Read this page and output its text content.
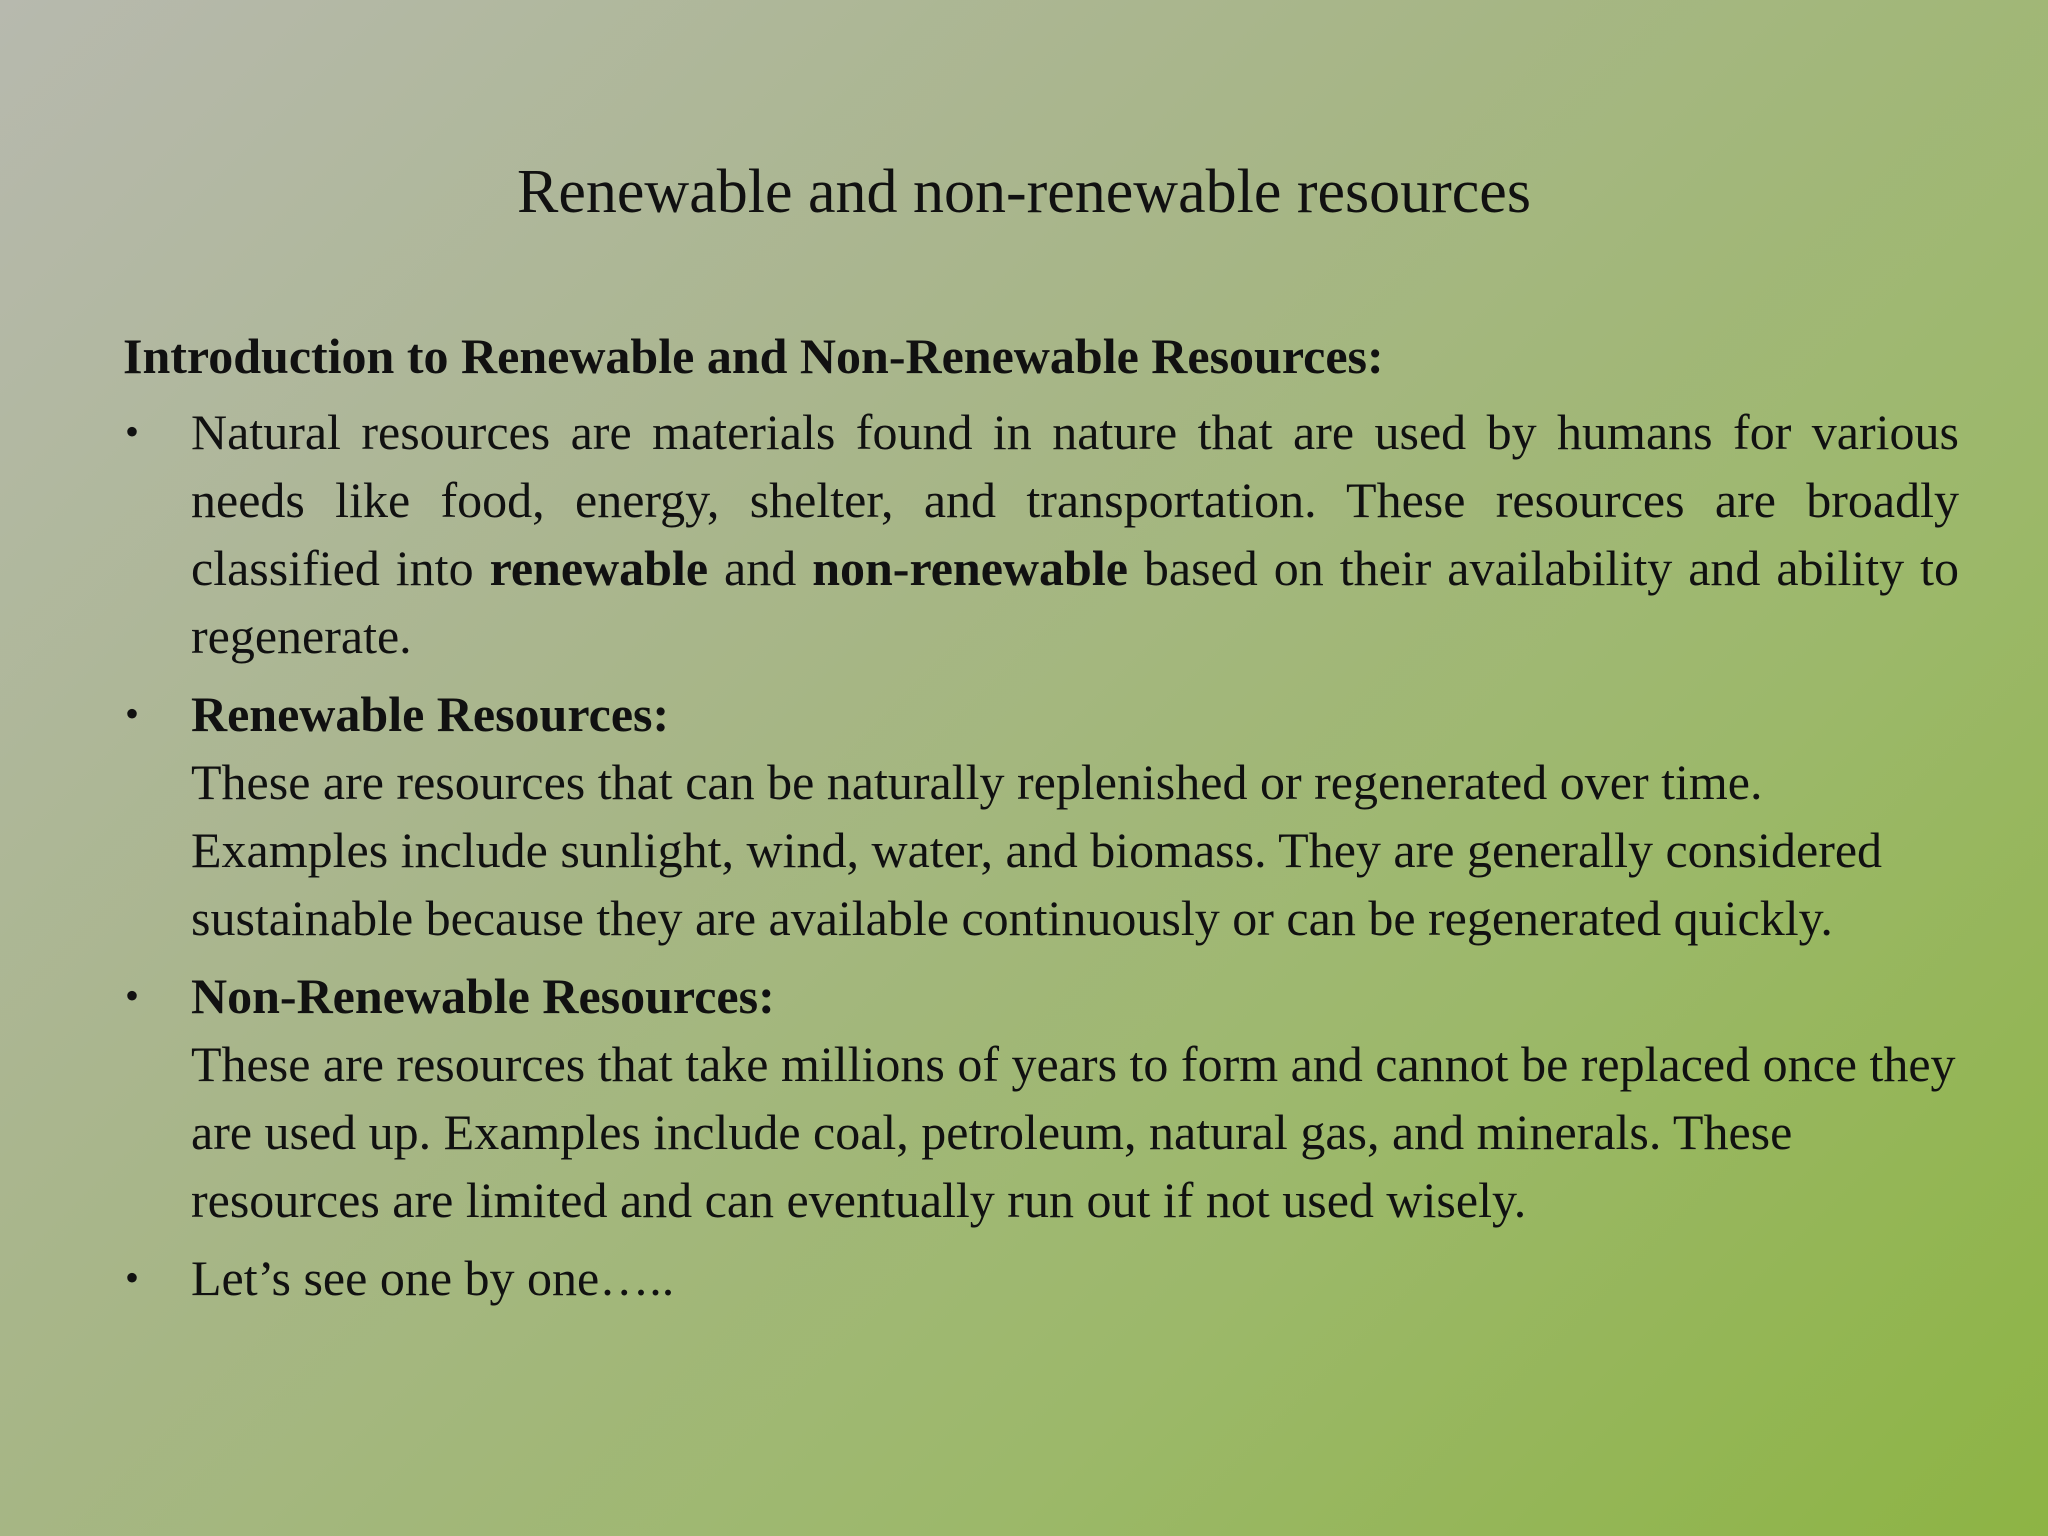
Renewable and non-renewable resources
Introduction to Renewable and Non-Renewable Resources:
• Natural resources are materials found in nature that are used by humans for various needs like food, energy, shelter, and transportation. These resources are broadly classified into renewable and non-renewable based on their availability and ability to regenerate.
• Renewable Resources:
These are resources that can be naturally replenished or regenerated over time. Examples include sunlight, wind, water, and biomass. They are generally considered sustainable because they are available continuously or can be regenerated quickly.
• Non-Renewable Resources:
These are resources that take millions of years to form and cannot be replaced once they are used up. Examples include coal, petroleum, natural gas, and minerals. These resources are limited and can eventually run out if not used wisely.
• Let’s see one by one…..
